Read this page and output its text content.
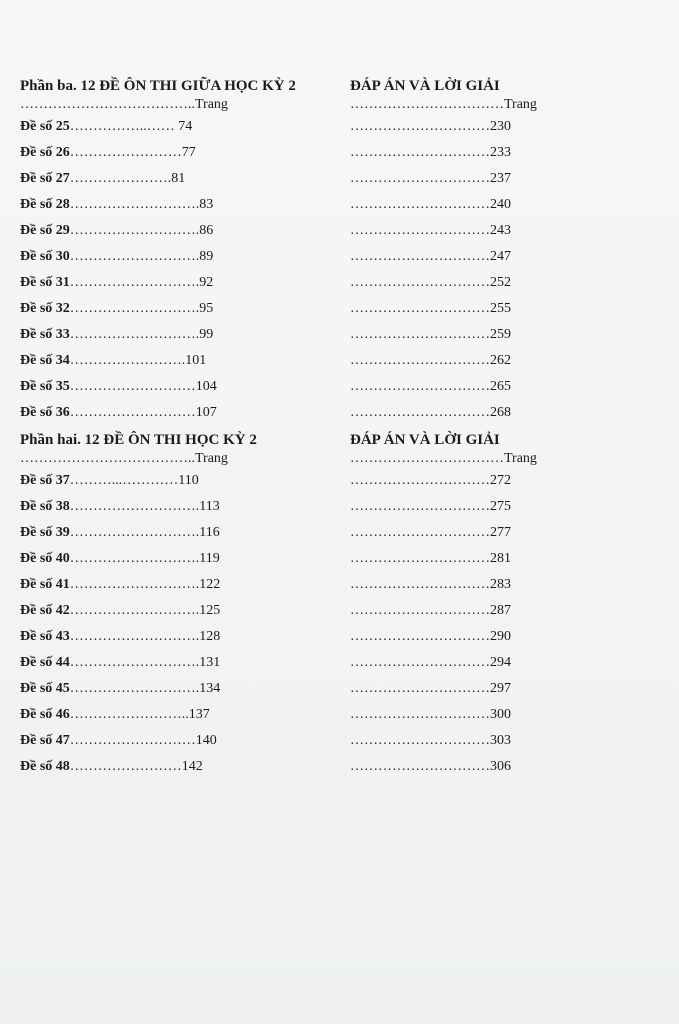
Phần ba. 12 ĐỀ ÔN THI GIỮA HỌC KỲ 2
………………………………..Trang
Đề số 25……………..…… 74
Đề số 26……………………77
Đề số 27………………….81
Đề số 28……………………….83
Đề số 29……………………….86
Đề số 30……………………….89
Đề số 31……………………….92
Đề số 32……………………….95
Đề số 33……………………….99
Đề số 34…………………….101
Đề số 35………………………104
Đề số 36………………………107
Phần hai. 12 ĐỀ ÔN THI HỌC KỲ 2
………………………………..Trang
Đề số 37………...…………110
Đề số 38……………………….113
Đề số 39……………………….116
Đề số 40……………………….119
Đề số 41……………………….122
Đề số 42……………………….125
Đề số 43……………………….128
Đề số 44……………………….131
Đề số 45……………………….134
Đề số 46……………………..137
Đề số 47………………………140
Đề số 48……………………142
ĐÁP ÁN VÀ LỜI GIẢI
……………………………Trang
…………………………230
…………………………233
…………………………237
…………………………240
…………………………243
…………………………247
…………………………252
…………………………255
…………………………259
…………………………262
…………………………265
…………………………268
ĐÁP ÁN VÀ LỜI GIẢI
……………………………Trang
…………………………272
…………………………275
…………………………277
…………………………281
…………………………283
…………………………287
…………………………290
…………………………294
…………………………297
…………………………300
…………………………303
…………………………306
